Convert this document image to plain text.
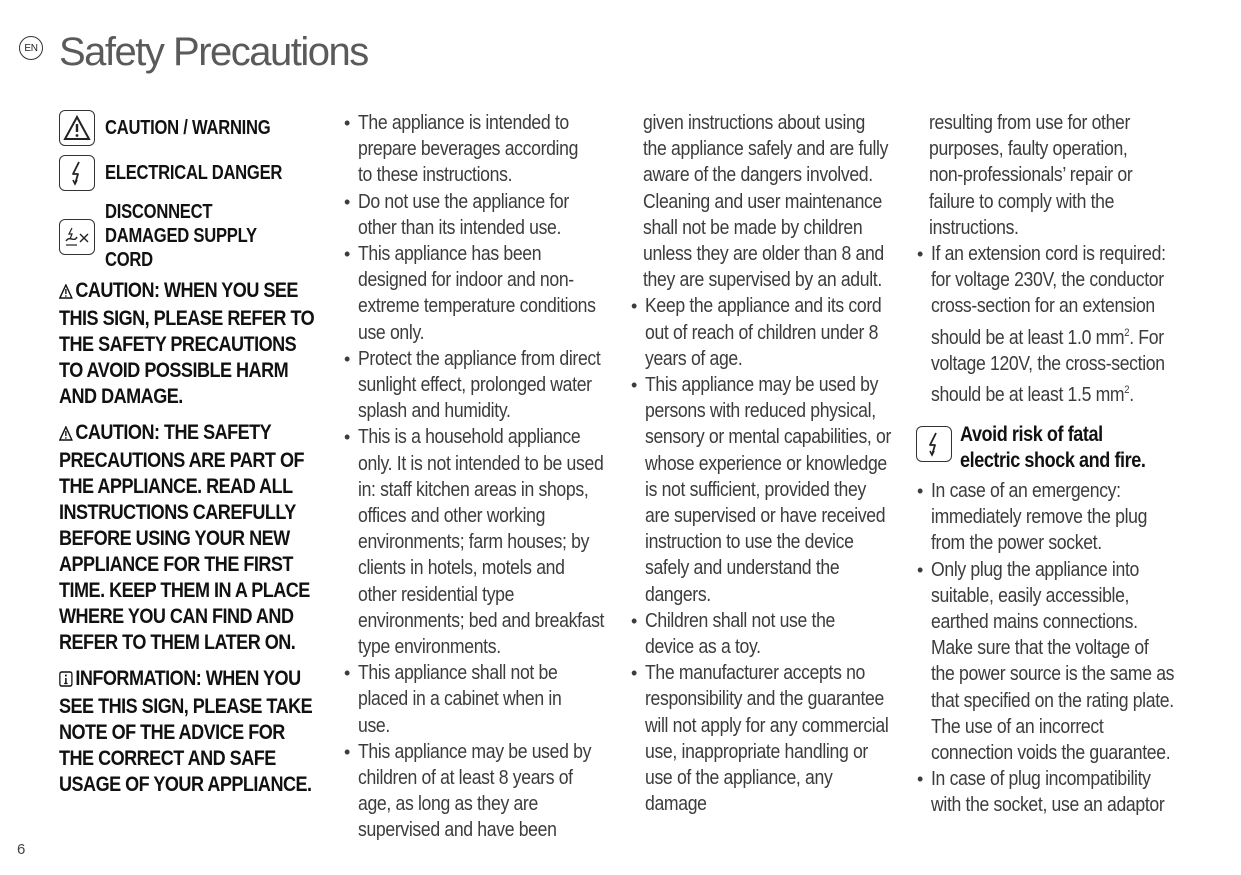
EN Safety Precautions
6
CAUTION / WARNING
ELECTRICAL DANGER
DISCONNECT DAMAGED SUPPLY CORD

CAUTION: WHEN YOU SEE THIS SIGN, PLEASE REFER TO THE SAFETY PRECAUTIONS TO AVOID POSSIBLE HARM AND DAMAGE.

CAUTION: THE SAFETY PRECAUTIONS ARE PART OF THE APPLIANCE. READ ALL INSTRUCTIONS CAREFULLY BEFORE USING YOUR NEW APPLIANCE FOR THE FIRST TIME. KEEP THEM IN A PLACE WHERE YOU CAN FIND AND REFER TO THEM LATER ON.

INFORMATION: WHEN YOU SEE THIS SIGN, PLEASE TAKE NOTE OF THE ADVICE FOR THE CORRECT AND SAFE USAGE OF YOUR APPLIANCE.

• The appliance is intended to prepare beverages according to these instructions.
• Do not use the appliance for other than its intended use.
• This appliance has been designed for indoor and non-extreme temperature conditions use only.
• Protect the appliance from direct sunlight effect, prolonged water splash and humidity.
• This is a household appliance only. It is not intended to be used in: staff kitchen areas in shops, offices and other working environments; farm houses; by clients in hotels, motels and other residential type environments; bed and breakfast type environments.
• This appliance shall not be placed in a cabinet when in use.
• This appliance may be used by children of at least 8 years of age, as long as they are supervised and have been
given instructions about using the appliance safely and are fully aware of the dangers involved. Cleaning and user maintenance shall not be made by children unless they are older than 8 and they are supervised by an adult.
• Keep the appliance and its cord out of reach of children under 8 years of age.
• This appliance may be used by persons with reduced physical, sensory or mental capabilities, or whose experience or knowledge is not sufficient, provided they are supervised or have received instruction to use the device safely and understand the dangers.
• Children shall not use the device as a toy.
• The manufacturer accepts no responsibility and the guarantee will not apply for any commercial use, inappropriate handling or use of the appliance, any damage
resulting from use for other purposes, faulty operation, non-professionals’ repair or failure to comply with the instructions.
• If an extension cord is required: for voltage 230V, the conductor cross-section for an extension should be at least 1.0 $mm^2$. For voltage 120V, the cross-section should be at least 1.5 $mm^2$.
Avoid risk of fatal electric shock and fire.
• In case of an emergency: immediately remove the plug from the power socket.
• Only plug the appliance into suitable, easily accessible, earthed mains connections. Make sure that the voltage of the power source is the same as that specified on the rating plate. The use of an incorrect connection voids the guarantee.
• In case of plug incompatibility with the socket, use an adaptor
